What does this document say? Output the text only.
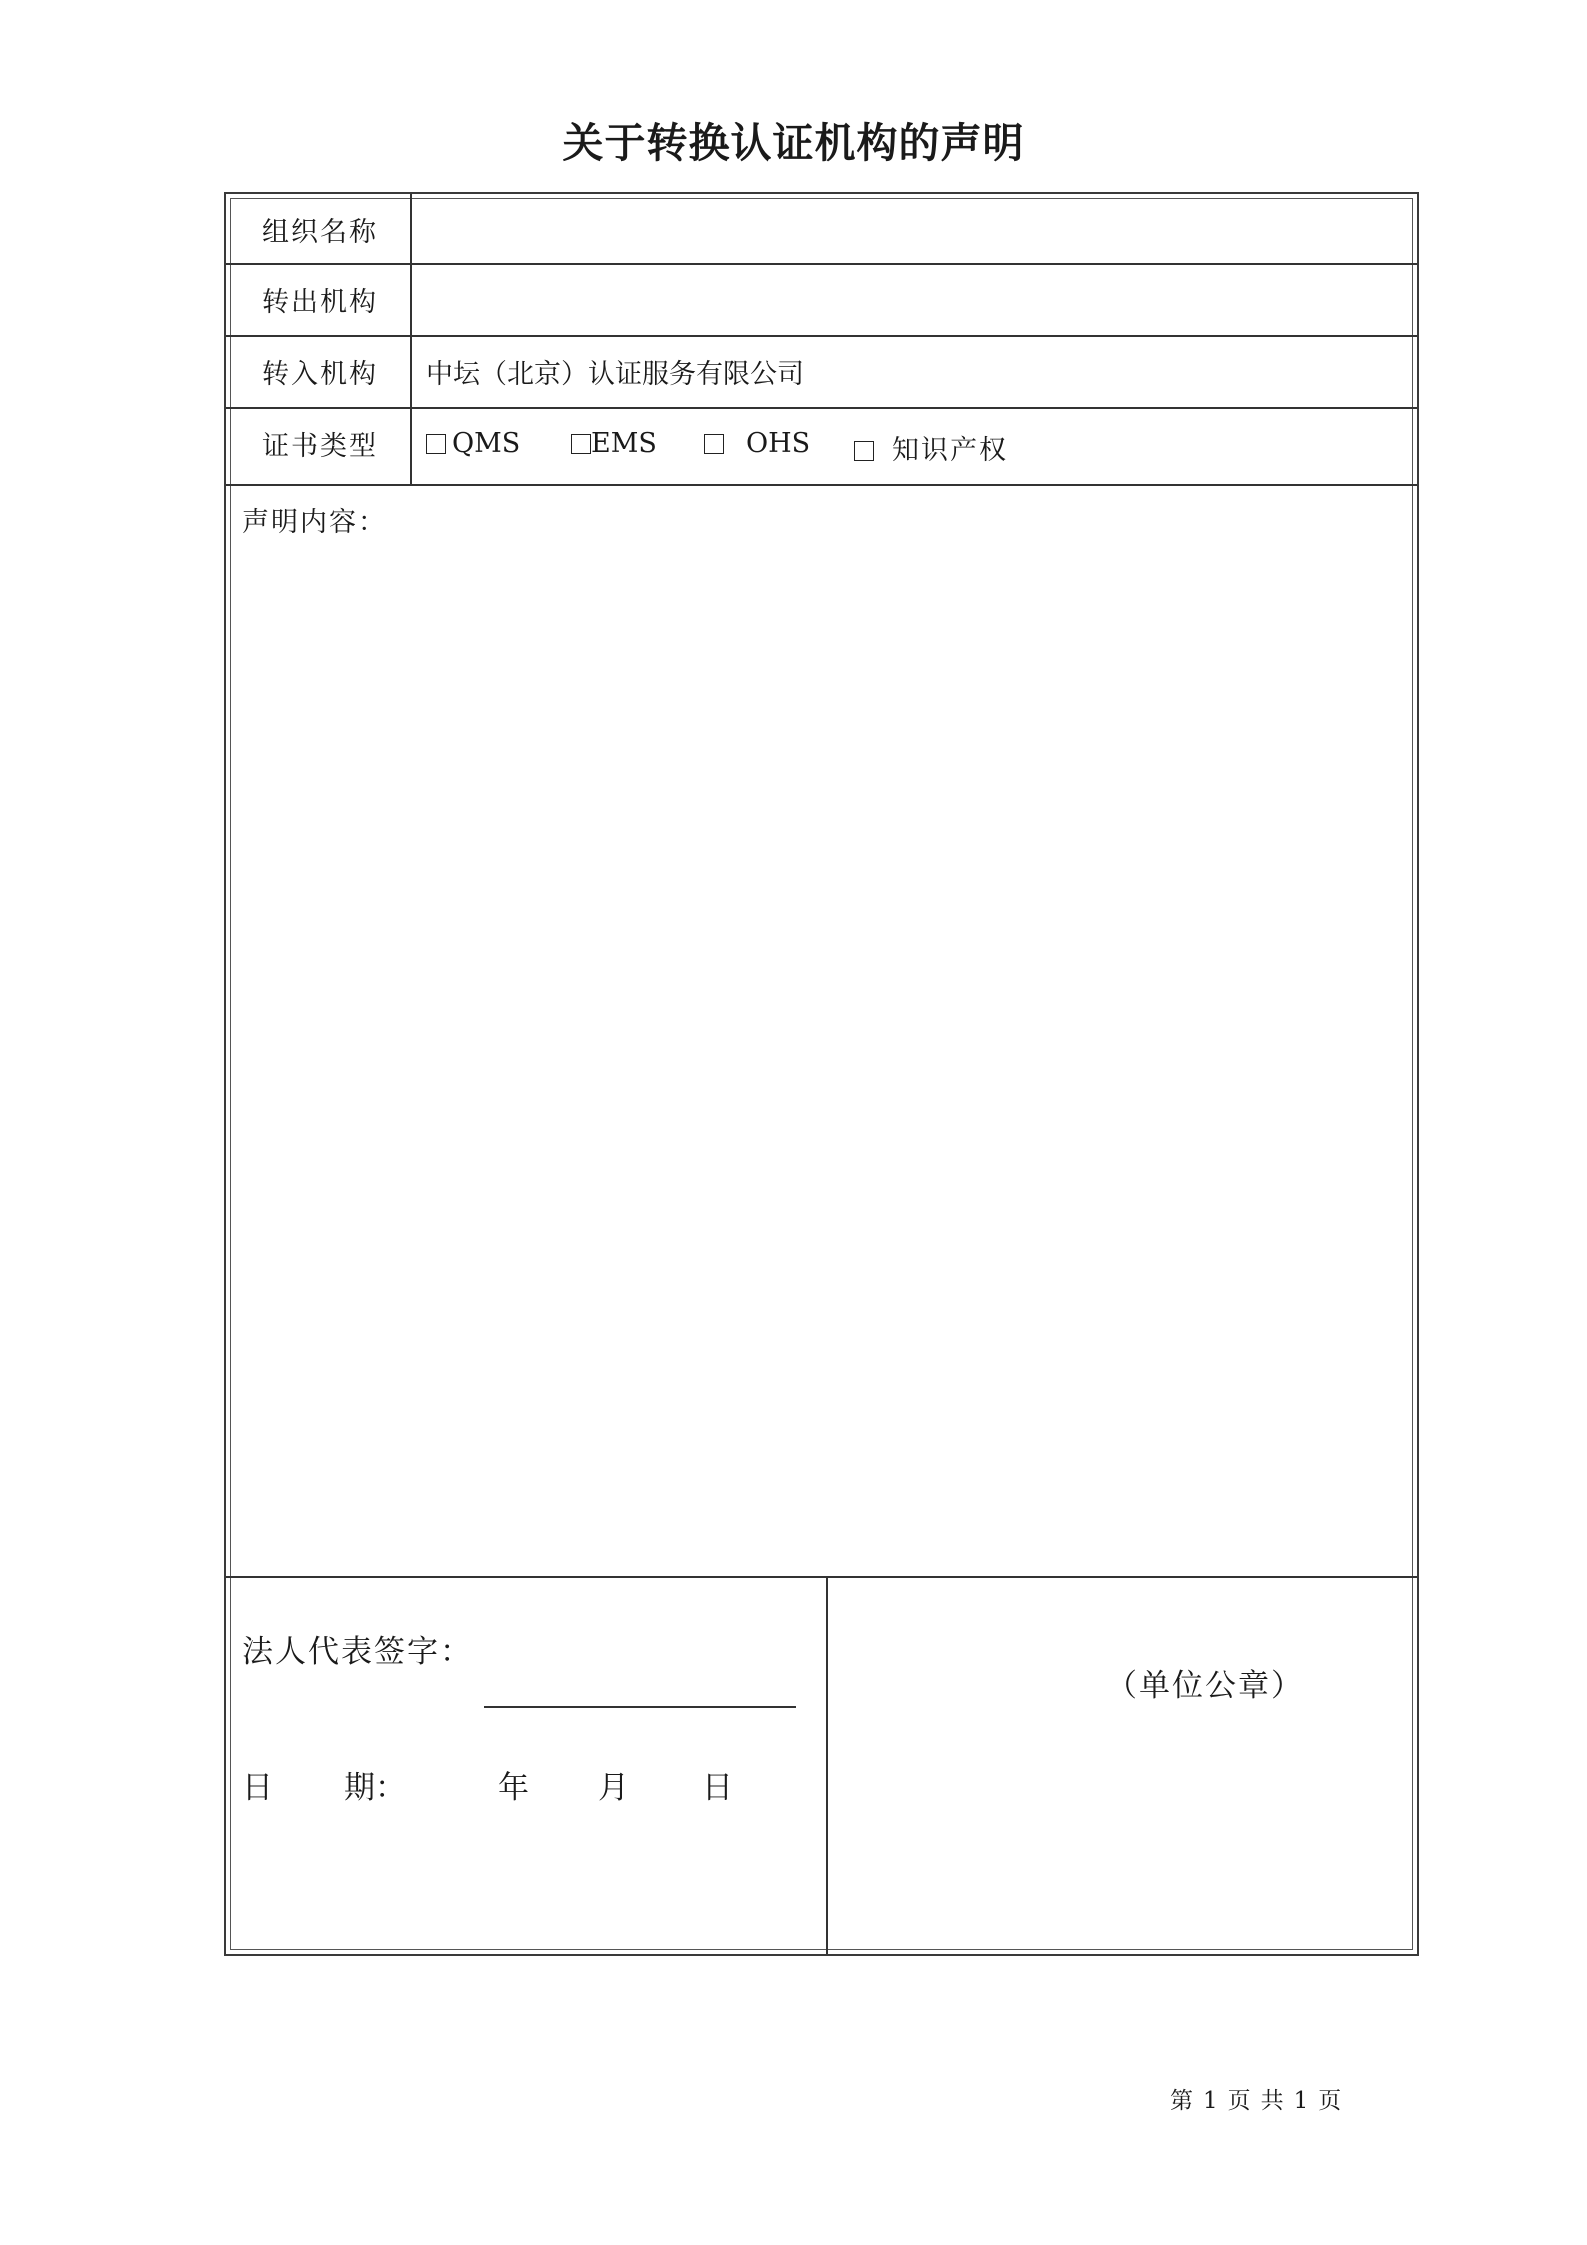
关于转换认证机构的声明
组织名称
转出机构
转入机构	中坛（北京）认证服务有限公司
证书类型	QMS	EMS	OHS	知识产权
声明内容：
法人代表签字：
日 期：	年 月 日
（单位公章）
第 1 页 共 1 页
